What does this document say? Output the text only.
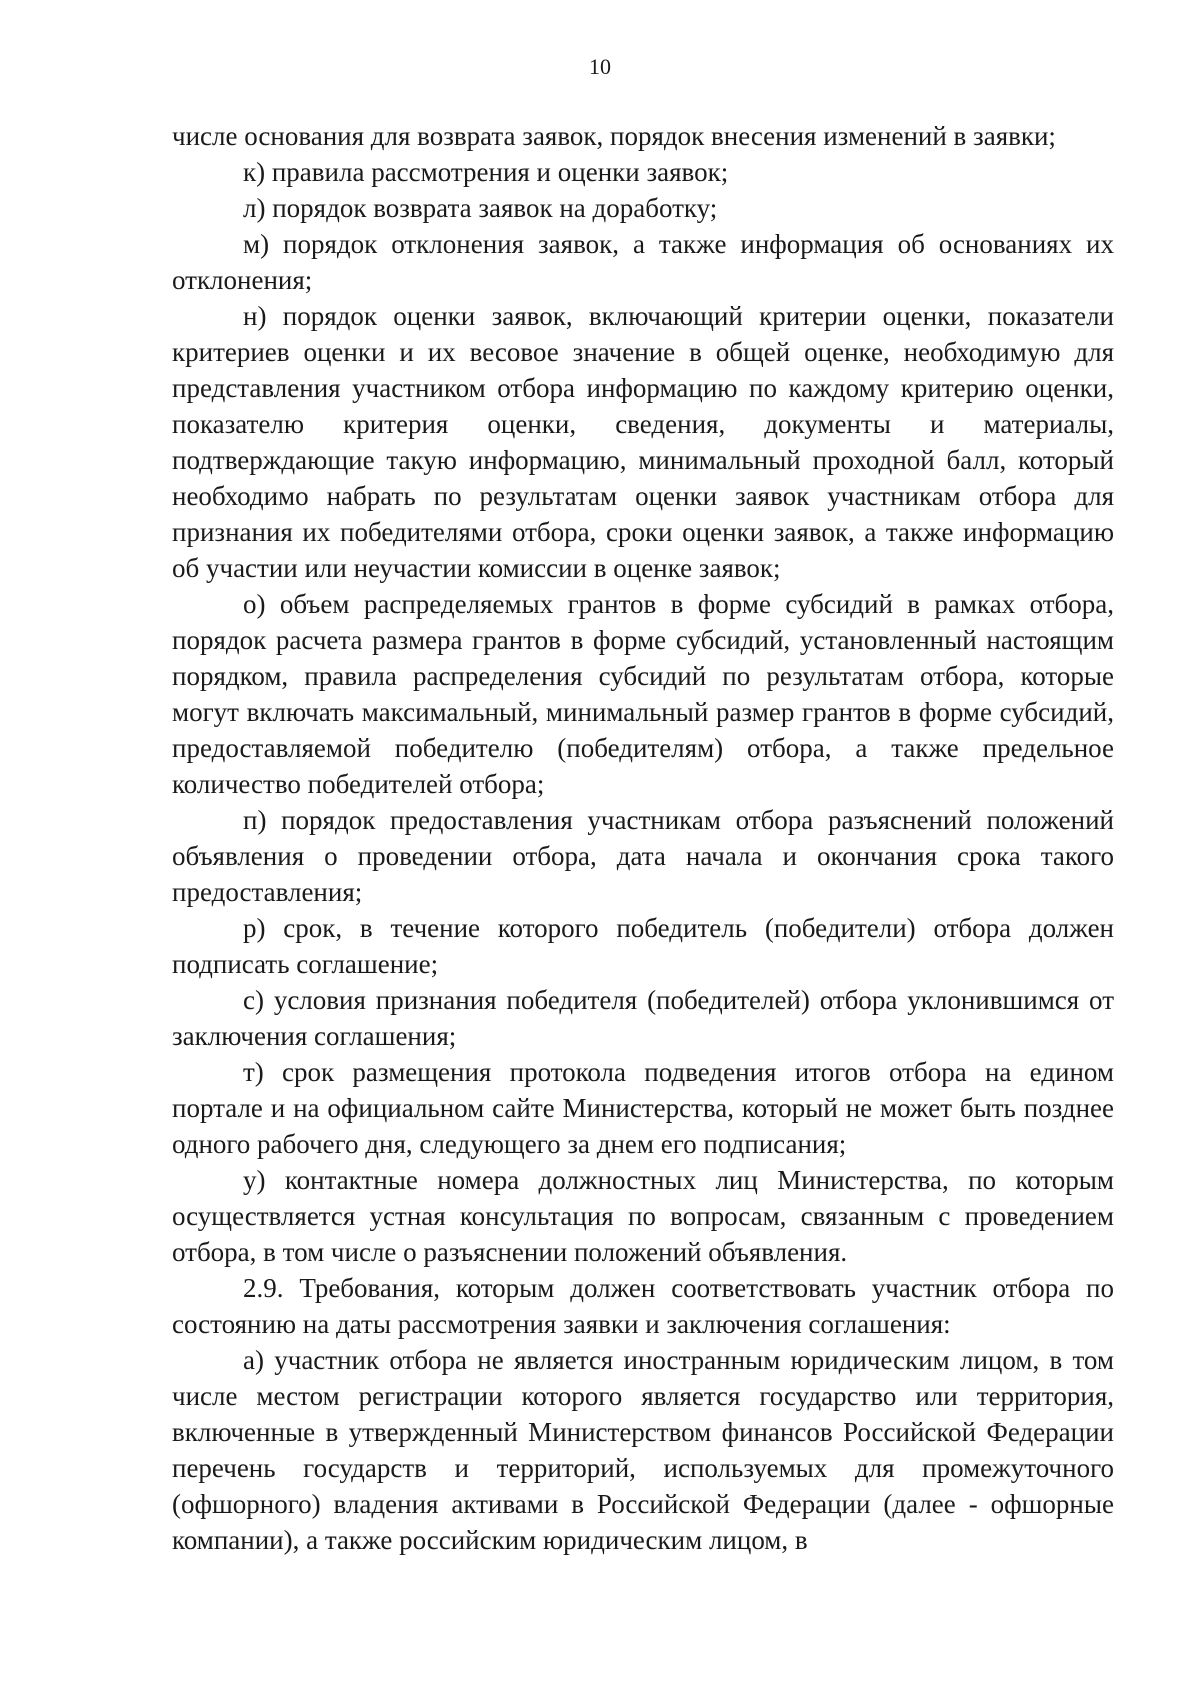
10

числе основания для возврата заявок, порядок внесения изменений в заявки;

к) правила рассмотрения и оценки заявок;

л) порядок возврата заявок на доработку;

м) порядок отклонения заявок, а также информация об основаниях их отклонения;

н) порядок оценки заявок, включающий критерии оценки, показатели критериев оценки и их весовое значение в общей оценке, необходимую для представления участником отбора информацию по каждому критерию оценки, показателю критерия оценки, сведения, документы и материалы, подтверждающие такую информацию, минимальный проходной балл, который необходимо набрать по результатам оценки заявок участникам отбора для признания их победителями отбора, сроки оценки заявок, а также информацию об участии или неучастии комиссии в оценке заявок;

о) объем распределяемых грантов в форме субсидий в рамках отбора, порядок расчета размера грантов в форме субсидий, установленный настоящим порядком, правила распределения субсидий по результатам отбора, которые могут включать максимальный, минимальный размер грантов в форме субсидий, предоставляемой победителю (победителям) отбора, а также предельное количество победителей отбора;

п) порядок предоставления участникам отбора разъяснений положений объявления о проведении отбора, дата начала и окончания срока такого предоставления;

р) срок, в течение которого победитель (победители) отбора должен подписать соглашение;

с) условия признания победителя (победителей) отбора уклонившимся от заключения соглашения;

т) срок размещения протокола подведения итогов отбора на едином портале и на официальном сайте Министерства, который не может быть позднее одного рабочего дня, следующего за днем его подписания;

у) контактные номера должностных лиц Министерства, по которым осуществляется устная консультация по вопросам, связанным с проведением отбора, в том числе о разъяснении положений объявления.

2.9. Требования, которым должен соответствовать участник отбора по состоянию на даты рассмотрения заявки и заключения соглашения:

а) участник отбора не является иностранным юридическим лицом, в том числе местом регистрации которого является государство или территория, включенные в утвержденный Министерством финансов Российской Федерации перечень государств и территорий, используемых для промежуточного (офшорного) владения активами в Российской Федерации (далее - офшорные компании), а также российским юридическим лицом, в
